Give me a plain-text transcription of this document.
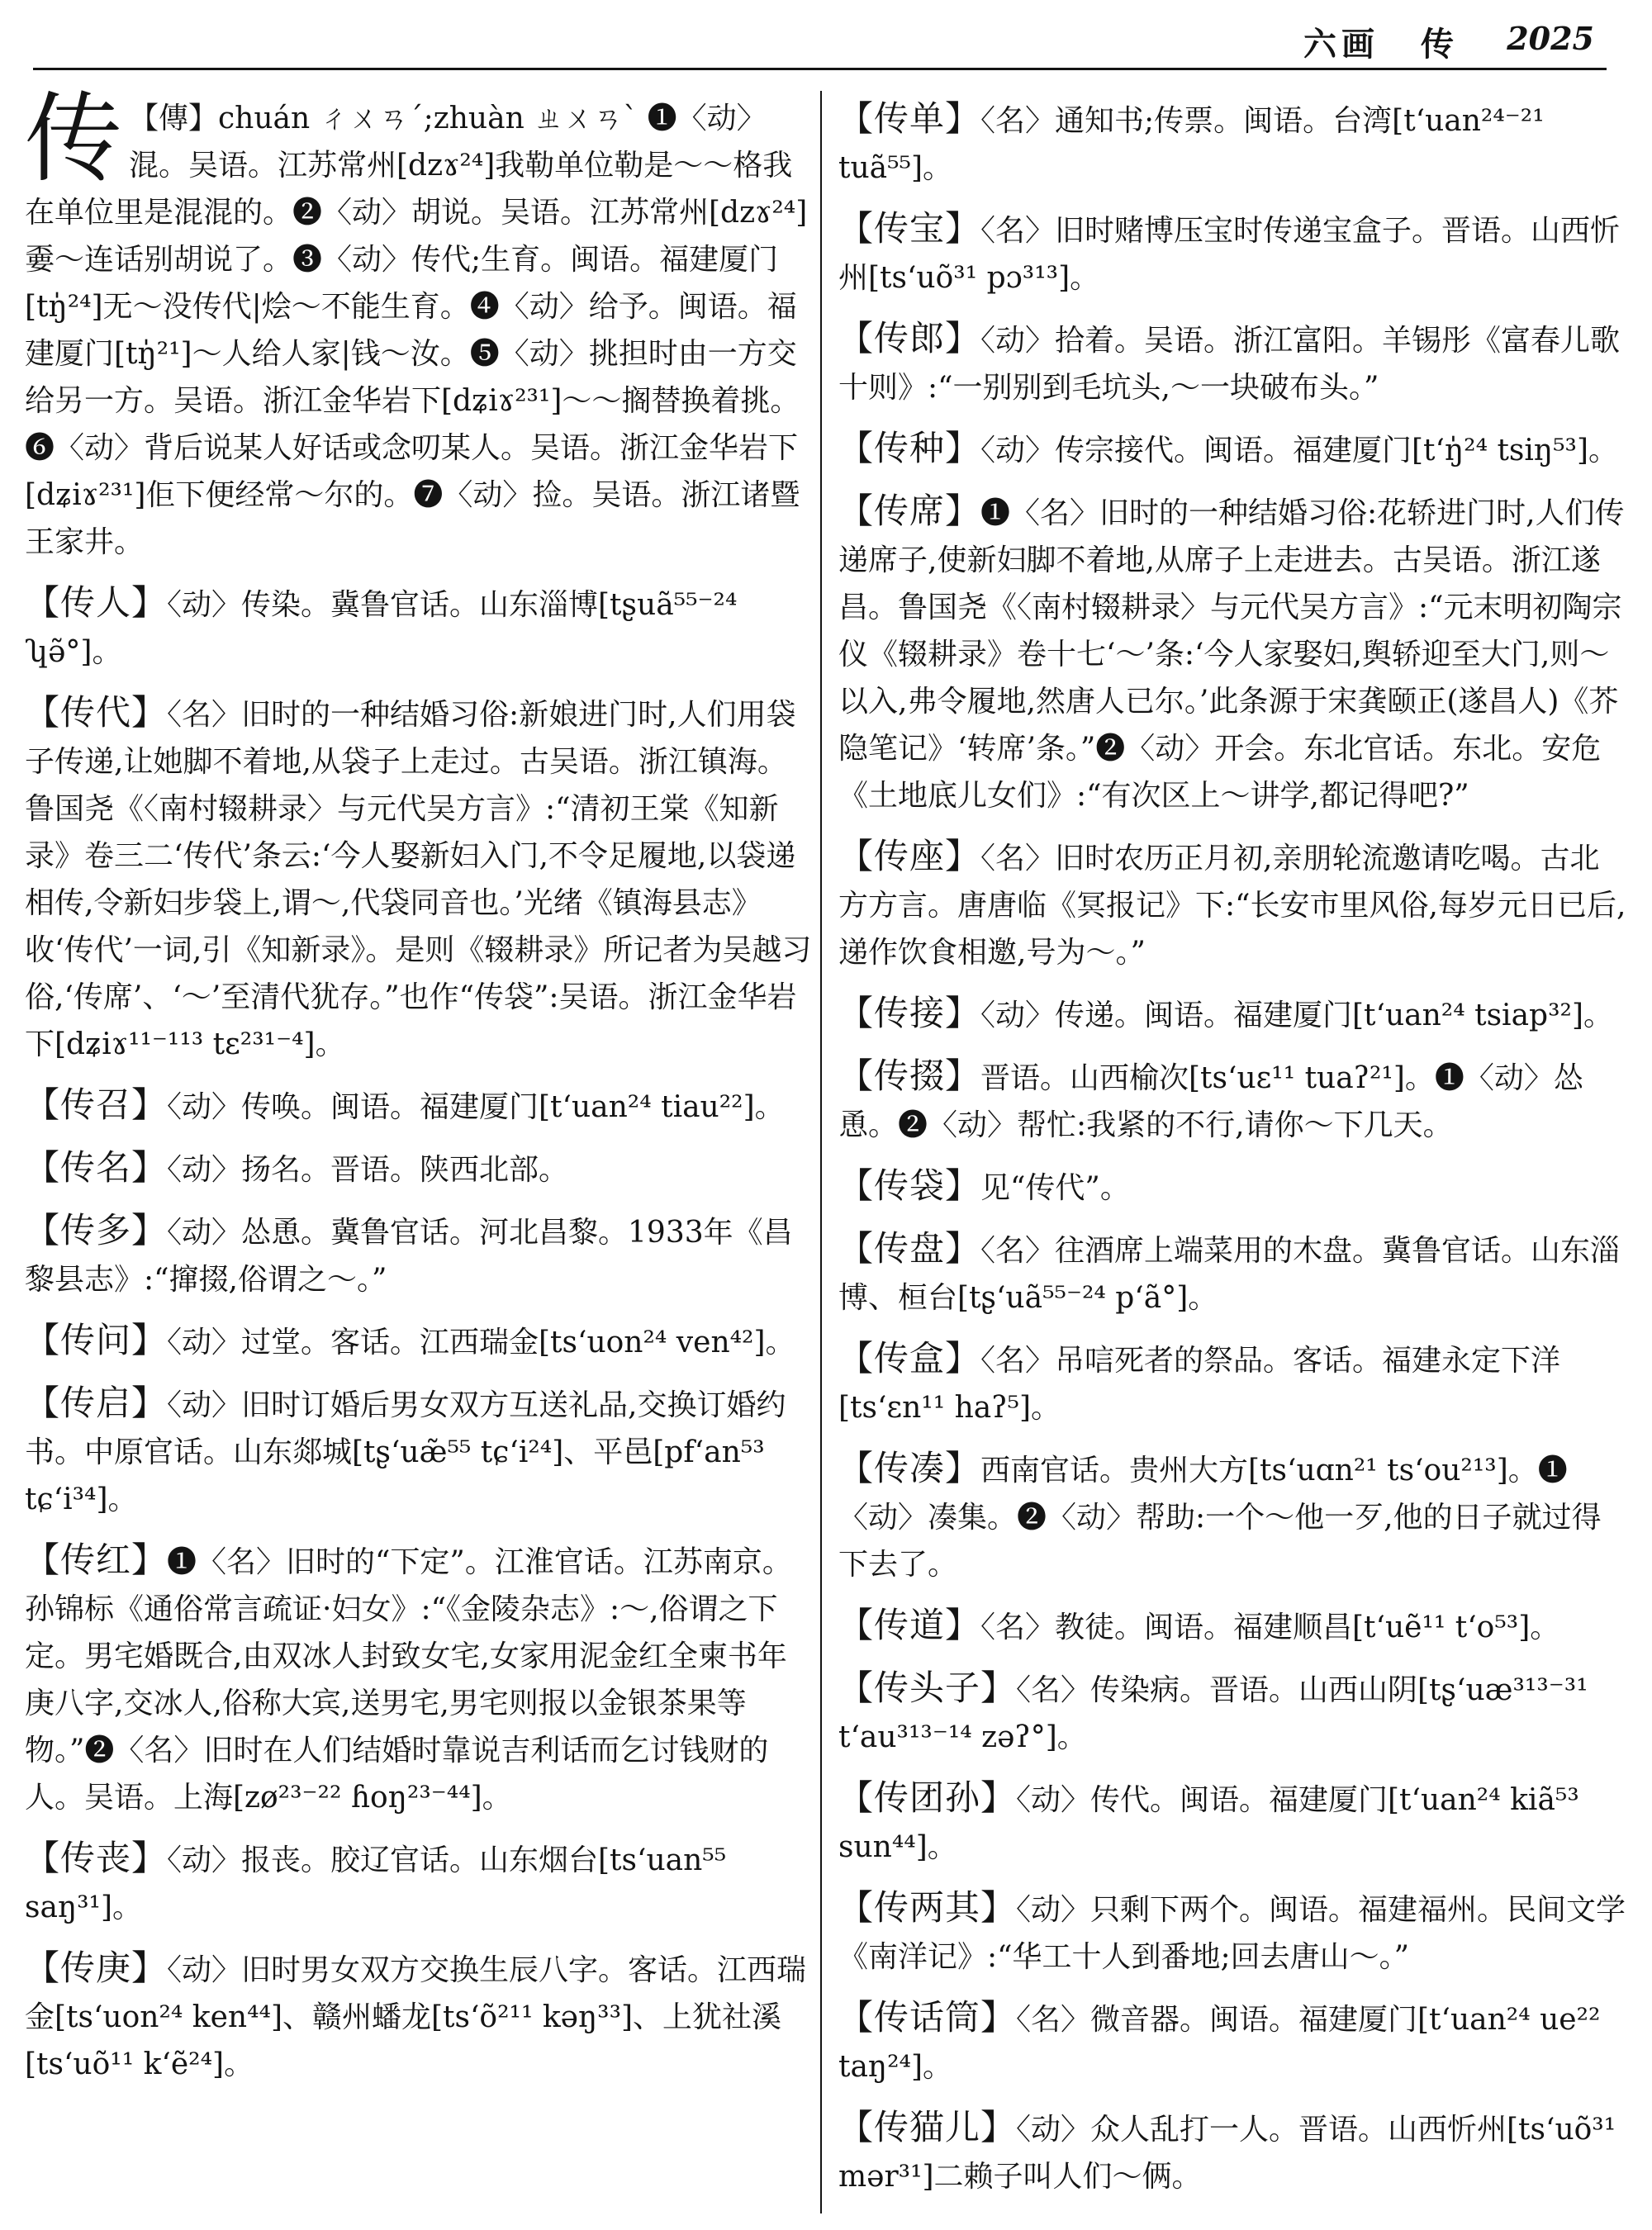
六画 传 2025
传 【傳】chuán ㄔㄨㄢˊ;zhuàn ㄓㄨㄢˋ ❶〈动〉混。吴语。江苏常州[dzɤ²⁴]我勒单位勒是～～格我在单位里是混混的。❷〈动〉胡说。吴语。江苏常州[dzɤ²⁴]嫑～连话别胡说了。❸〈动〉传代;生育。闽语。福建厦门[tŋ̍²⁴]无～没传代|烩～不能生育。❹〈动〉给予。闽语。福建厦门[tŋ̍²¹]～人给人家|钱～汝。❺〈动〉挑担时由一方交给另一方。吴语。浙江金华岩下[dʑiɤ²³¹]～～搁替换着挑。❻〈动〉背后说某人好话或念叨某人。吴语。浙江金华岩下[dʑiɤ²³¹]佢下便经常～尔的。❼〈动〉捡。吴语。浙江诸暨王家井。
【传人】〈动〉传染。冀鲁官话。山东淄博[tʂuã⁵⁵⁻²⁴ ʮə̃°]。
【传代】〈名〉旧时的一种结婚习俗:新娘进门时,人们用袋子传递,让她脚不着地,从袋子上走过。古吴语。浙江镇海。鲁国尧《〈南村辍耕录〉与元代吴方言》:“清初王棠《知新录》卷三二‘传代’条云:‘今人娶新妇入门,不令足履地,以袋递相传,令新妇步袋上,谓～,代袋同音也。’光绪《镇海县志》收‘传代’一词,引《知新录》。是则《辍耕录》所记者为吴越习俗,‘传席’、‘～’至清代犹存。”也作“传袋”:吴语。浙江金华岩下[dʑiɤ¹¹⁻¹¹³ tɛ²³¹⁻⁴]。
【传召】〈动〉传唤。闽语。福建厦门[t‘uan²⁴ tiau²²]。
【传名】〈动〉扬名。晋语。陕西北部。
【传多】〈动〉怂恿。冀鲁官话。河北昌黎。1933年《昌黎县志》:“撺掇,俗谓之～。”
【传问】〈动〉过堂。客话。江西瑞金[ts‘uon²⁴ ven⁴²]。
【传启】〈动〉旧时订婚后男女双方互送礼品,交换订婚约书。中原官话。山东郯城[tʂ‘uæ̃⁵⁵ tɕ‘i²⁴]、平邑[pf‘an⁵³ tɕ‘i³⁴]。
【传红】❶〈名〉旧时的“下定”。江淮官话。江苏南京。孙锦标《通俗常言疏证·妇女》:“《金陵杂志》:～,俗谓之下定。男宅婚既合,由双冰人封致女宅,女家用泥金红全柬书年庚八字,交冰人,俗称大宾,送男宅,男宅则报以金银茶果等物。”❷〈名〉旧时在人们结婚时靠说吉利话而乞讨钱财的人。吴语。上海[zø²³⁻²² ɦoŋ²³⁻⁴⁴]。
【传丧】〈动〉报丧。胶辽官话。山东烟台[ts‘uan⁵⁵ saŋ³¹]。
【传庚】〈动〉旧时男女双方交换生辰八字。客话。江西瑞金[ts‘uon²⁴ ken⁴⁴]、赣州蟠龙[ts‘õ²¹¹ kəŋ³³]、上犹社溪[ts‘uõ¹¹ k‘ẽ²⁴]。
【传单】〈名〉通知书;传票。闽语。台湾[t‘uan²⁴⁻²¹ tuã⁵⁵]。
【传宝】〈名〉旧时赌博压宝时传递宝盒子。晋语。山西忻州[ts‘uõ³¹ pɔ³¹³]。
【传郎】〈动〉拾着。吴语。浙江富阳。羊锡彤《富春儿歌十则》:“一别别到毛坑头,～一块破布头。”
【传种】〈动〉传宗接代。闽语。福建厦门[t‘ŋ̍²⁴ tsiŋ⁵³]。
【传席】❶〈名〉旧时的一种结婚习俗:花轿进门时,人们传递席子,使新妇脚不着地,从席子上走进去。古吴语。浙江遂昌。鲁国尧《〈南村辍耕录〉与元代吴方言》:“元末明初陶宗仪《辍耕录》卷十七‘～’条:‘今人家娶妇,舆轿迎至大门,则～以入,弗令履地,然唐人已尔。’此条源于宋龚颐正(遂昌人)《芥隐笔记》‘转席’条。”❷〈动〉开会。东北官话。东北。安危《土地底儿女们》:“有次区上～讲学,都记得吧?”
【传座】〈名〉旧时农历正月初,亲朋轮流邀请吃喝。古北方方言。唐唐临《冥报记》下:“长安市里风俗,每岁元日已后,递作饮食相邀,号为～。”
【传接】〈动〉传递。闽语。福建厦门[t‘uan²⁴ tsiap³²]。
【传掇】晋语。山西榆次[ts‘uɛ¹¹ tuaʔ²¹]。❶〈动〉怂恿。❷〈动〉帮忙:我紧的不行,请你～下几天。
【传袋】见“传代”。
【传盘】〈名〉往酒席上端菜用的木盘。冀鲁官话。山东淄博、桓台[tʂ‘uã⁵⁵⁻²⁴ p‘ã°]。
【传盒】〈名〉吊唁死者的祭品。客话。福建永定下洋[ts‘ɛn¹¹ haʔ⁵]。
【传凑】西南官话。贵州大方[ts‘uɑn²¹ ts‘ou²¹³]。❶〈动〉凑集。❷〈动〉帮助:一个～他一歹,他的日子就过得下去了。
【传道】〈名〉教徒。闽语。福建顺昌[t‘uẽ¹¹ t‘o⁵³]。
【传头子】〈名〉传染病。晋语。山西山阴[tʂ‘uæ³¹³⁻³¹ t‘au³¹³⁻¹⁴ zəʔ°]。
【传团孙】〈动〉传代。闽语。福建厦门[t‘uan²⁴ kiã⁵³ sun⁴⁴]。
【传两其】〈动〉只剩下两个。闽语。福建福州。民间文学《南洋记》:“华工十人到番地;回去唐山～。”
【传话筒】〈名〉微音器。闽语。福建厦门[t‘uan²⁴ ue²² taŋ²⁴]。
【传猫儿】〈动〉众人乱打一人。晋语。山西忻州[ts‘uõ³¹ mər³¹]二赖子叫人们～俩。
